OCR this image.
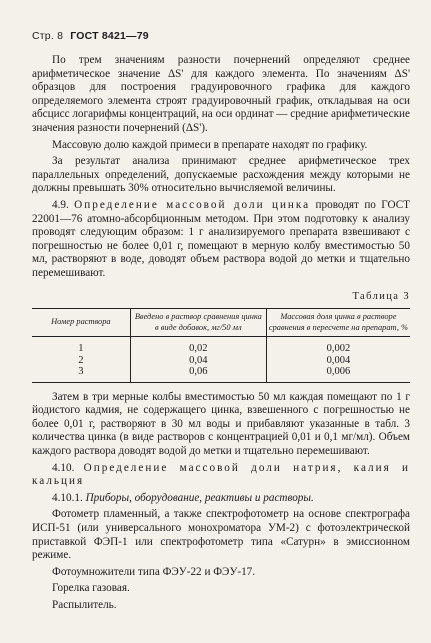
Стр. 8 ГОСТ 8421—79

По трем значениям разности почернений определяют среднее арифметическое значение ΔS' для каждого элемента. По значениям ΔS' образцов для построения градуировочного графика для каждого определяемого элемента строят градуировочный график, откладывая на оси абсцисс логарифмы концентраций, на оси ординат — средние арифметические значения разности почернений (ΔS').

Массовую долю каждой примеси в препарате находят по графику.

За результат анализа принимают среднее арифметическое трех параллельных определений, допускаемые расхождения между которыми не должны превышать 30% относительно вычисляемой величины.

4.9. Определение массовой доли цинка проводят по ГОСТ 22001—76 атомно-абсорбционным методом. При этом подготовку к анализу проводят следующим образом: 1 г анализируемого препарата взвешивают с погрешностью не более 0,01 г, помещают в мерную колбу вместимостью 50 мл, растворяют в воде, доводят объем раствора водой до метки и тщательно перемешивают.

Таблица 3
Номер раствора	Введено в раствор сравнения цинка в виде добавок, мг/50 мл	Массовая доля цинка в растворе сравнения в пересчете на препарат, %
1	0,02	0,002
2	0,04	0,004
3	0,06	0,006

Затем в три мерные колбы вместимостью 50 мл каждая помещают по 1 г йодистого кадмия, не содержащего цинка, взвешенного с погрешностью не более 0,01 г, растворяют в 30 мл воды и прибавляют указанные в табл. 3 количества цинка (в виде растворов с концентрацией 0,01 и 0,1 мг/мл). Объем каждого раствора доводят водой до метки и тщательно перемешивают.

4.10. Определение массовой доли натрия, калия и кальция

4.10.1. Приборы, оборудование, реактивы и растворы.

Фотометр пламенный, а также спектрофотометр на основе спектрографа ИСП-51 (или универсального монохроматора УМ-2) с фотоэлектрической приставкой ФЭП-1 или спектрофотометр типа «Сатурн» в эмиссионном режиме.

Фотоумножители типа ФЭУ-22 и ФЭУ-17.

Горелка газовая.

Распылитель.
